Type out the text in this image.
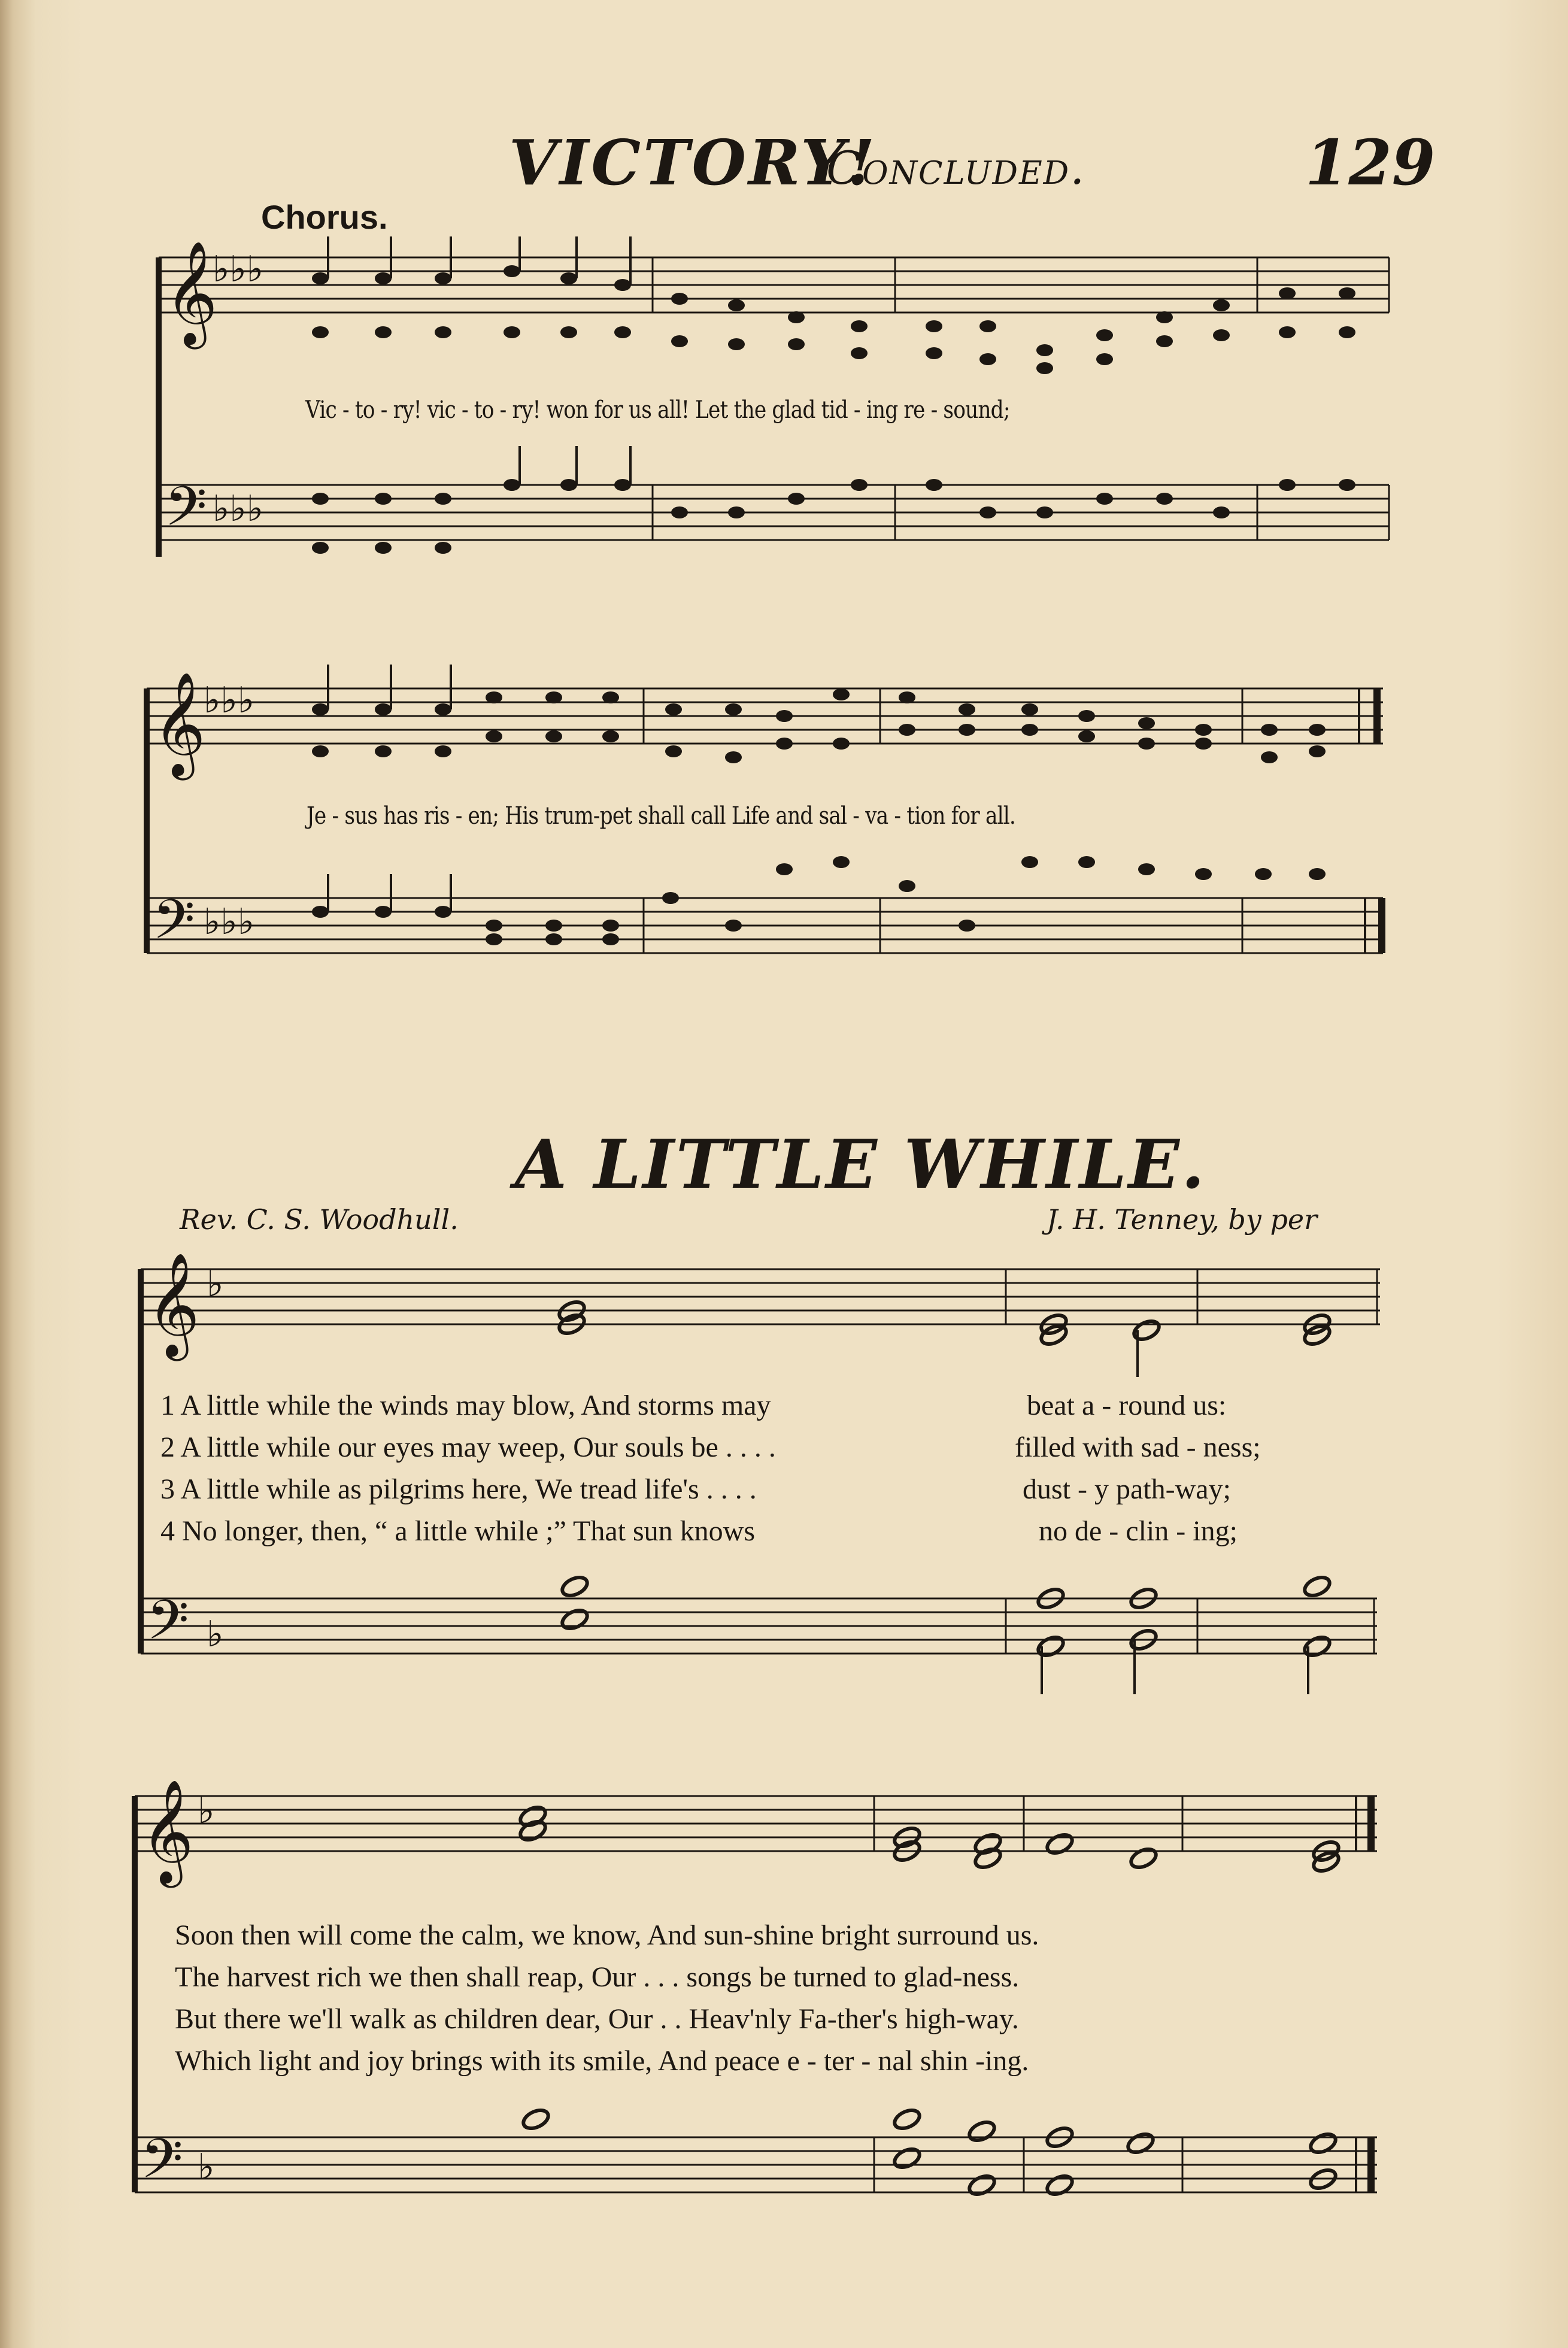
VICTORY!
Concluded.	129
Chorus.
𝄞
𝄢
𝄞
𝄢
𝄞
𝄢
𝄞
𝄢
♭♭♭
♭♭♭
♭♭♭
♭♭♭
♭
♭
♭
♭
Vic - to - ry! vic - to - ry! won for us all! Let the glad tid - ing re - sound;
Je - sus has ris - en; His trum-pet shall call Life and sal - va - tion for all.
A LITTLE WHILE.
Rev. C. S. Woodhull.	J. H. Tenney, by per
1 A little while the winds may blow, And storms may	beat a - round us:
2 A little while our eyes may weep, Our souls be . . . .	filled with sad - ness;
3 A little while as pilgrims here, We tread life's . . . .	dust - y path-way;
4 No longer, then, “ a little while ;” That sun knows	no de - clin - ing;
Soon then will come the calm, we know, And sun-shine bright surround us.
The harvest rich we then shall reap, Our . . . songs be turned to glad-ness.
But there we'll walk as children dear, Our . . Heav'nly Fa-ther's high-way.
Which light and joy brings with its smile, And peace e - ter - nal shin -ing.
